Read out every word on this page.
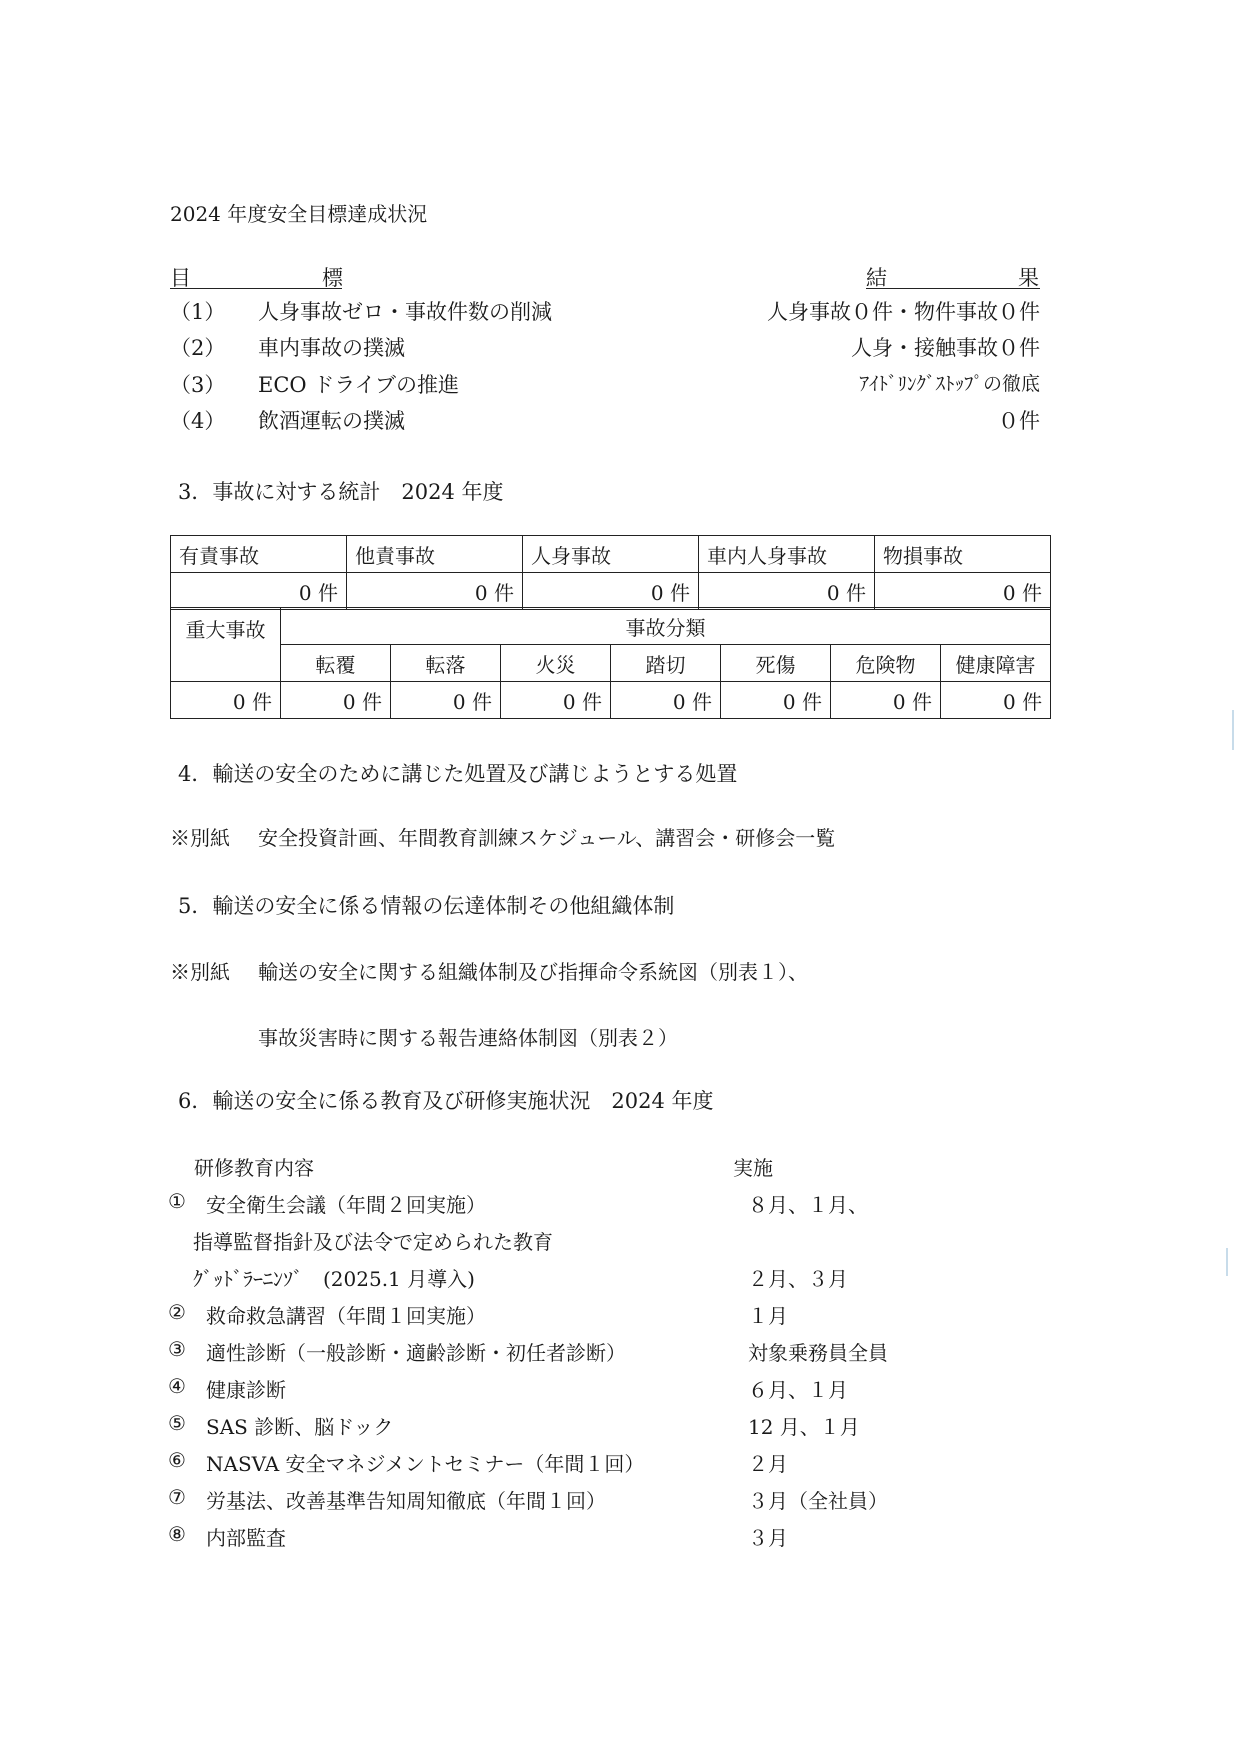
2024 年度安全目標達成状況
目	標	結	果
（1） 人身事故ゼロ・事故件数の削減	人身事故０件・物件事故０件
（2） 車内事故の撲滅	人身・接触事故０件
（3） ECO ドライブの推進	ｱｲﾄﾞﾘﾝｸﾞｽﾄｯﾌﾟの徹底
（4） 飲酒運転の撲滅	０件
3．事故に対する統計　2024 年度
有責事故	他責事故	人身事故	車内人身事故	物損事故
0 件	0 件	0 件	0 件	0 件
重大事故	事故分類						
	転覆	転落	火災	踏切	死傷	危険物	健康障害
0 件	0 件	0 件	0 件	0 件	0 件	0 件	0 件
4．輸送の安全のために講じた処置及び講じようとする処置
※別紙 安全投資計画、年間教育訓練スケジュール、講習会・研修会一覧
5．輸送の安全に係る情報の伝達体制その他組織体制
※別紙 輸送の安全に関する組織体制及び指揮命令系統図（別表１）、
事故災害時に関する報告連絡体制図（別表２）
6．輸送の安全に係る教育及び研修実施状況　2024 年度
研修教育内容	実施
①	安全衛生会議（年間２回実施）	８月、１月、
指導監督指針及び法令で定められた教育
ｸﾞｯﾄﾞﾗｰﾆﾝｿﾞ　(2025.1 月導入)	２月、３月
②	救命救急講習（年間１回実施）	１月
③	適性診断（一般診断・適齢診断・初任者診断）	対象乗務員全員
④	健康診断	６月、１月
⑤	SAS 診断、脳ドック	12 月、１月
⑥	NASVA 安全マネジメントセミナー（年間１回）	２月
⑦	労基法、改善基準告知周知徹底（年間１回）	３月（全社員）
⑧	内部監査	３月
